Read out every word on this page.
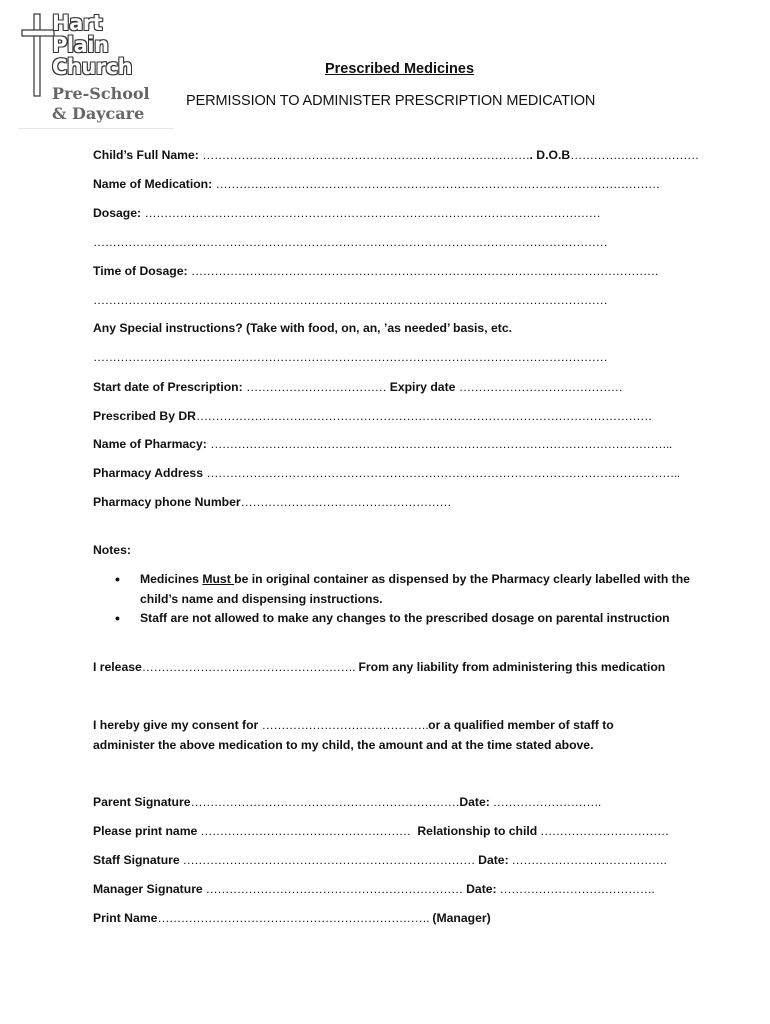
Hart
Plain
Church
Pre-School
& Daycare
Prescribed Medicines
PERMISSION TO ADMINISTER PRESCRIPTION MEDICATION
Child’s Full Name: …………………………………………………………………………. D.O.B……………………………
Name of Medication: ……………………………………………………………………………………………………
Dosage: ………………………………………………………………………………………………………
……………………………………………………………………………………………………………………
Time of Dosage: …………………………………………………………………………………………………………
……………………………………………………………………………………………………………………
Any Special instructions? (Take with food, on, an, ’as needed’ basis, etc.
……………………………………………………………………………………………………………………
Start date of Prescription: ……………………………… Expiry date ……………………………………
Prescribed By DR………………………………………………………………………………………………………
Name of Pharmacy: ………………………………………………………………………………………………………..
Pharmacy Address …………………………………………………………………………………………………………..
Pharmacy phone Number………………………………………………
Notes:
• Medicines Must be in original container as dispensed by the Pharmacy clearly labelled with the child’s name and dispensing instructions.
• Staff are not allowed to make any changes to the prescribed dosage on parental instruction
I release………………………………………………. From any liability from administering this medication
I hereby give my consent for …………………………………….or a qualified member of staff to
administer the above medication to my child, the amount and at the time stated above.
Parent Signature……………………………………………………………Date: ……………………….
Please print name ……………………………………………… Relationship to child ……………………………
Staff Signature ………………………………………………………………… Date: ………………………………….
Manager Signature ………………………………………………………… Date: ………………………………….
Print Name……………………………………………………………. (Manager)
